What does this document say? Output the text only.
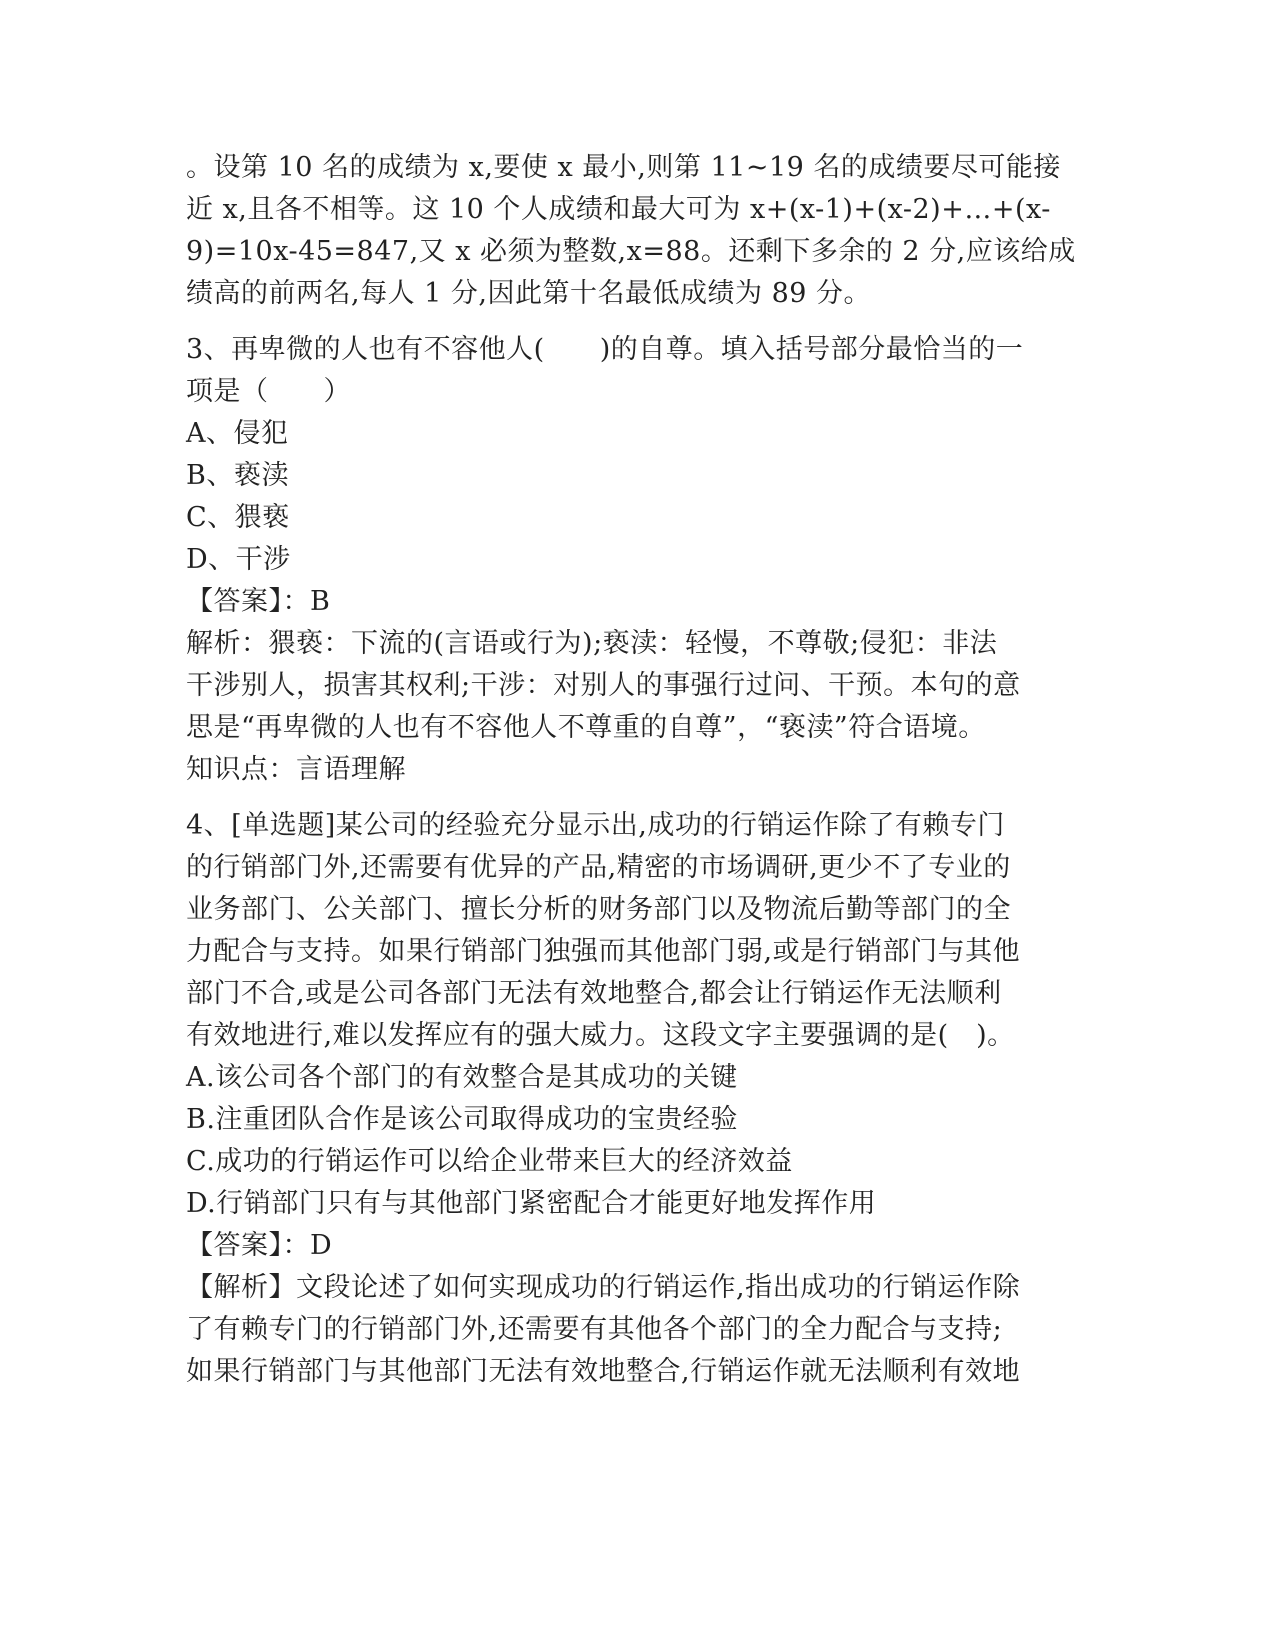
。设第 10 名的成绩为 x,要使 x 最小,则第 11~19 名的成绩要尽可能接
近 x,且各不相等。这 10 个人成绩和最大可为 x+(x-1)+(x-2)+…+(x-
9)=10x-45=847,又 x 必须为整数,x=88。还剩下多余的 2 分,应该给成
绩高的前两名,每人 1 分,因此第十名最低成绩为 89 分。
3、再卑微的人也有不容他人(　　)的自尊。填入括号部分最恰当的一
项是（　　）
A、侵犯
B、亵渎
C、猥亵
D、干涉
【答案】：B
解析：猥亵：下流的(言语或行为);亵渎：轻慢，不尊敬;侵犯：非法
干涉别人，损害其权利;干涉：对别人的事强行过问、干预。本句的意
思是“再卑微的人也有不容他人不尊重的自尊”，“亵渎”符合语境。
知识点：言语理解
4、[单选题]某公司的经验充分显示出,成功的行销运作除了有赖专门
的行销部门外,还需要有优异的产品,精密的市场调研,更少不了专业的
业务部门、公关部门、擅长分析的财务部门以及物流后勤等部门的全
力配合与支持。如果行销部门独强而其他部门弱,或是行销部门与其他
部门不合,或是公司各部门无法有效地整合,都会让行销运作无法顺利
有效地进行,难以发挥应有的强大威力。这段文字主要强调的是(　)。
A.该公司各个部门的有效整合是其成功的关键
B.注重团队合作是该公司取得成功的宝贵经验
C.成功的行销运作可以给企业带来巨大的经济效益
D.行销部门只有与其他部门紧密配合才能更好地发挥作用
【答案】：D
【解析】文段论述了如何实现成功的行销运作,指出成功的行销运作除
了有赖专门的行销部门外,还需要有其他各个部门的全力配合与支持;
如果行销部门与其他部门无法有效地整合,行销运作就无法顺利有效地
